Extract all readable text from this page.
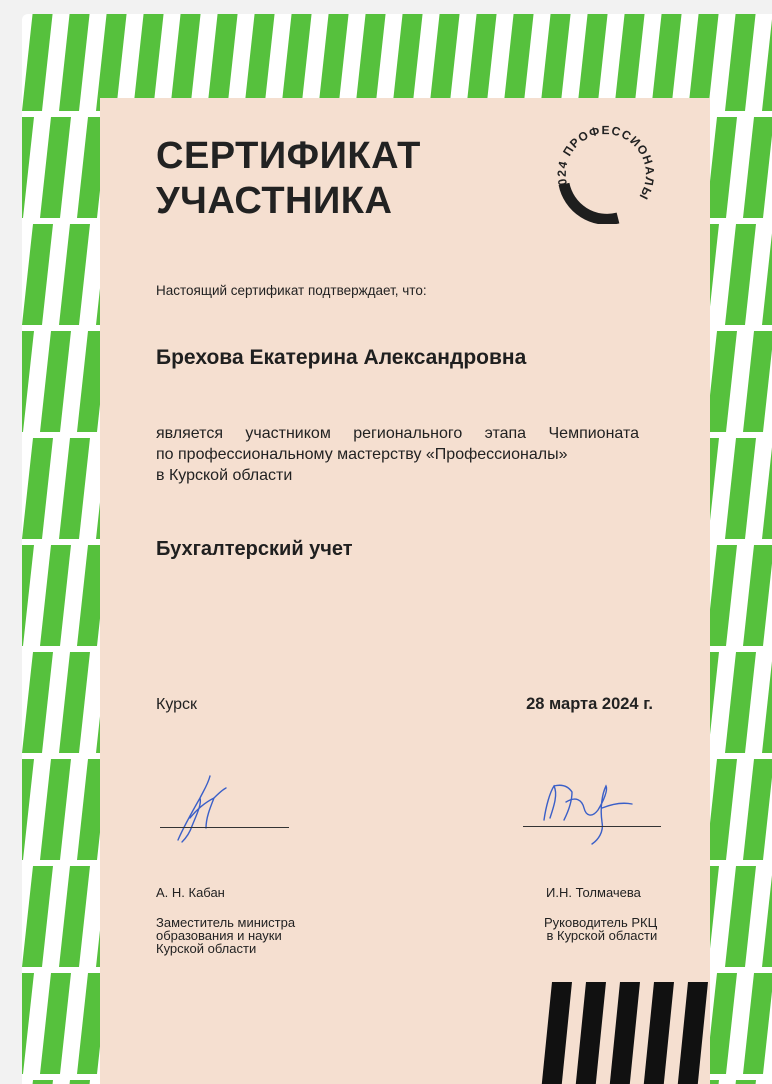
СЕРТИФИКАТ
УЧАСТНИКА	2024 ПРОФЕССИОНАЛЫ
Настоящий сертификат подтверждает, что:
Брехова Екатерина Александровна
является участником регионального этапа Чемпионата
по профессиональному мастерству «Профессионалы»
в Курской области
Бухгалтерский учет
Курск	28 марта 2024 г.
А. Н. Кабан
Заместитель министра
образования и науки
Курской области
И.Н. Толмачева
Руководитель РКЦ
в Курской области
